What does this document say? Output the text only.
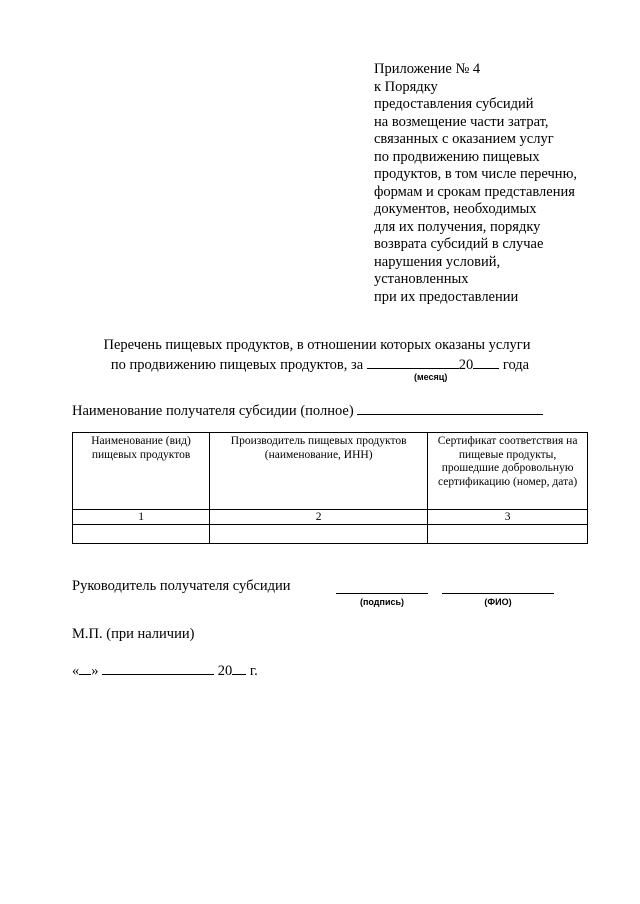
Приложение № 4
к Порядку
предоставления субсидий
на возмещение части затрат,
связанных с оказанием услуг
по продвижению пищевых
продуктов, в том числе перечню,
формам и срокам представления
документов, необходимых
для их получения, порядку
возврата субсидий в случае
нарушения условий,
установленных
при их предоставлении
Перечень пищевых продуктов, в отношении которых оказаны услуги
по продвижению пищевых продуктов, за	20 года
(месяц)
Наименование получателя субсидии (полное)
Наименование (вид) пищевых продуктов	Производитель пищевых продуктов (наименование, ИНН)	Сертификат соответствия на пищевые продукты, прошедшие добровольную сертификацию (номер, дата)
1	2	3

Руководитель получателя субсидии
(подпись)	(ФИО)
М.П. (при наличии)
« »	20 г.
